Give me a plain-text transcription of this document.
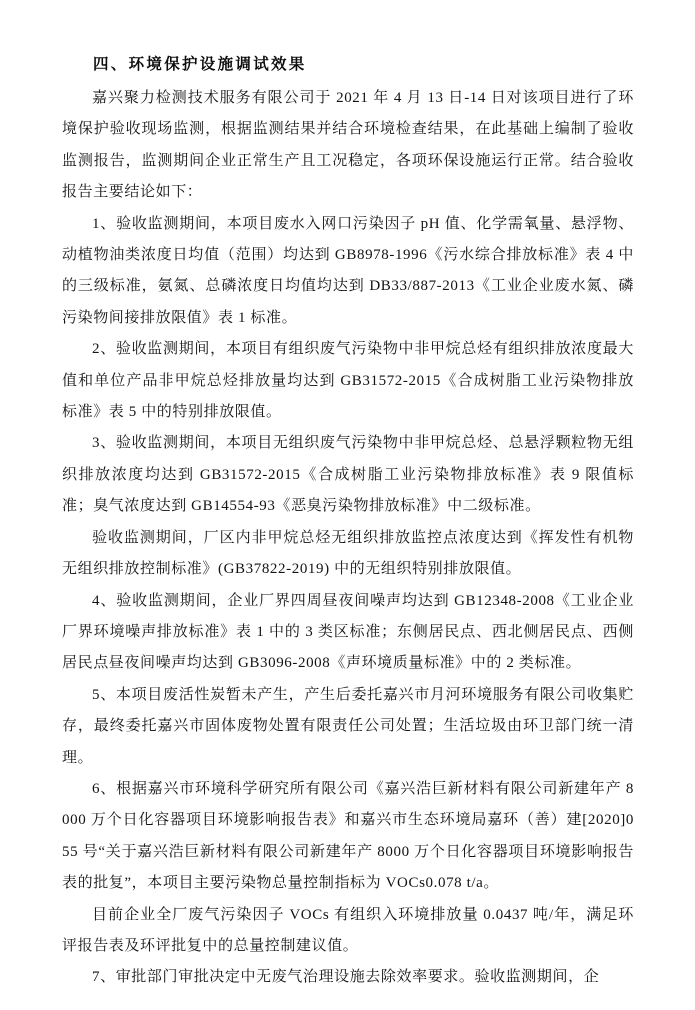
四、环境保护设施调试效果

嘉兴聚力检测技术服务有限公司于 2021 年 4 月 13 日-14 日对该项目进行了环境保护验收现场监测，根据监测结果并结合环境检查结果，在此基础上编制了验收监测报告，监测期间企业正常生产且工况稳定，各项环保设施运行正常。结合验收报告主要结论如下：

1、验收监测期间，本项目废水入网口污染因子 pH 值、化学需氧量、悬浮物、动植物油类浓度日均值（范围）均达到 GB8978-1996《污水综合排放标准》表 4 中的三级标准，氨氮、总磷浓度日均值均达到 DB33/887-2013《工业企业废水氮、磷污染物间接排放限值》表 1 标准。

2、验收监测期间，本项目有组织废气污染物中非甲烷总烃有组织排放浓度最大值和单位产品非甲烷总烃排放量均达到 GB31572-2015《合成树脂工业污染物排放标准》表 5 中的特别排放限值。

3、验收监测期间，本项目无组织废气污染物中非甲烷总烃、总悬浮颗粒物无组织排放浓度均达到 GB31572-2015《合成树脂工业污染物排放标准》表 9 限值标准；臭气浓度达到 GB14554-93《恶臭污染物排放标准》中二级标准。

验收监测期间，厂区内非甲烷总烃无组织排放监控点浓度达到《挥发性有机物无组织排放控制标准》(GB37822-2019) 中的无组织特别排放限值。

4、验收监测期间，企业厂界四周昼夜间噪声均达到 GB12348-2008《工业企业厂界环境噪声排放标准》表 1 中的 3 类区标准；东侧居民点、西北侧居民点、西侧居民点昼夜间噪声均达到 GB3096-2008《声环境质量标准》中的 2 类标准。

5、本项目废活性炭暂未产生，产生后委托嘉兴市月河环境服务有限公司收集贮存，最终委托嘉兴市固体废物处置有限责任公司处置；生活垃圾由环卫部门统一清理。

6、根据嘉兴市环境科学研究所有限公司《嘉兴浩巨新材料有限公司新建年产 8000 万个日化容器项目环境影响报告表》和嘉兴市生态环境局嘉环（善）建[2020]055 号“关于嘉兴浩巨新材料有限公司新建年产 8000 万个日化容器项目环境影响报告表的批复”，本项目主要污染物总量控制指标为 VOCs0.078 t/a。

目前企业全厂废气污染因子 VOCs 有组织入环境排放量 0.0437 吨/年，满足环评报告表及环评批复中的总量控制建议值。

7、审批部门审批决定中无废气治理设施去除效率要求。验收监测期间，企
